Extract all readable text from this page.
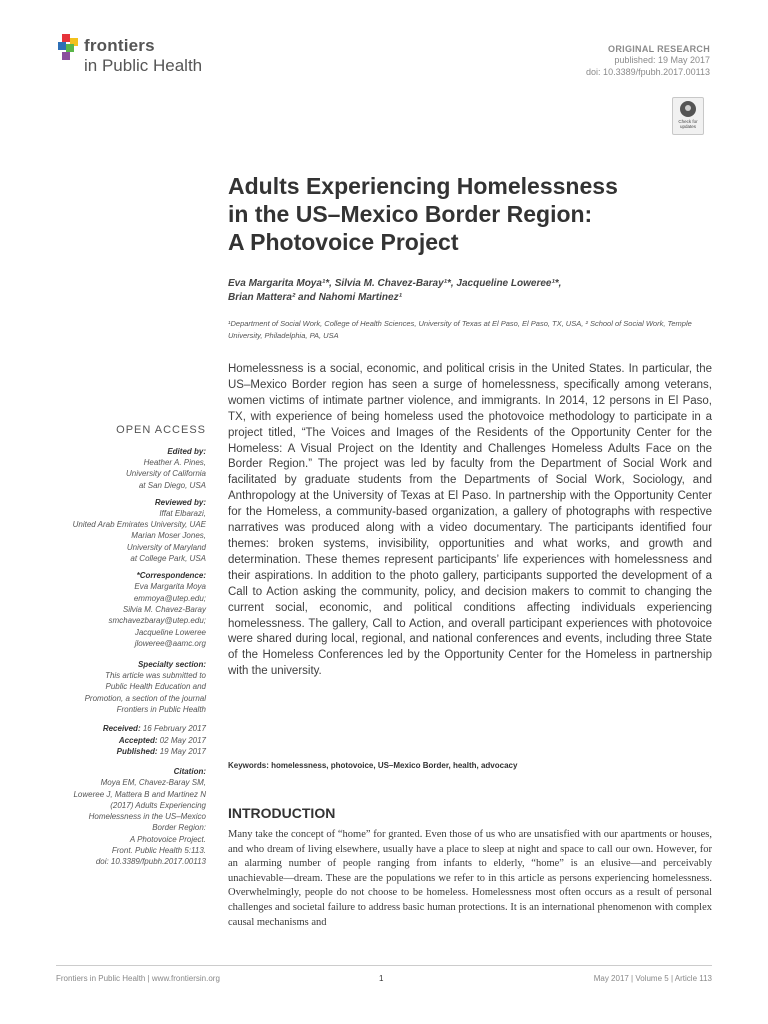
frontiers
in Public Health
ORIGINAL RESEARCH
published: 19 May 2017
doi: 10.3389/fpubh.2017.00113
Check for updates
Adults Experiencing Homelessness
in the US–Mexico Border Region:
A Photovoice Project
Eva Margarita Moya¹*, Silvia M. Chavez-Baray¹*, Jacqueline Loweree¹*,
Brian Mattera² and Nahomi Martinez¹
¹Department of Social Work, College of Health Sciences, University of Texas at El Paso, El Paso, TX, USA, ² School of Social Work, Temple University, Philadelphia, PA, USA
Homelessness is a social, economic, and political crisis in the United States. In particular, the US–Mexico Border region has seen a surge of homelessness, specifically among veterans, women victims of intimate partner violence, and immigrants. In 2014, 12 persons in El Paso, TX, with experience of being homeless used the photovoice methodology to participate in a project titled, “The Voices and Images of the Residents of the Opportunity Center for the Homeless: A Visual Project on the Identity and Challenges Homeless Adults Face on the Border Region.” The project was led by faculty from the Department of Social Work and facilitated by graduate students from the Departments of Social Work, Sociology, and Anthropology at the University of Texas at El Paso. In partnership with the Opportunity Center for the Homeless, a community-based organization, a gallery of photographs with respective narratives was produced along with a video documentary. The participants identified four themes: broken systems, invisibility, opportunities and what works, and growth and determination. These themes represent participants’ life experiences with homelessness and their aspirations. In addition to the photo gallery, participants supported the development of a Call to Action asking the community, policy, and decision makers to commit to changing the current social, economic, and political conditions affecting individuals experiencing homelessness. The gallery, Call to Action, and overall participant experiences with photovoice were shared during local, regional, and national conferences and events, including three State of the Homeless Conferences led by the Opportunity Center for the Homeless in partnership with the university.
Keywords: homelessness, photovoice, US–Mexico Border, health, advocacy
INTRODUCTION
Many take the concept of “home” for granted. Even those of us who are unsatisfied with our apartments or houses, and who dream of living elsewhere, usually have a place to sleep at night and space to call our own. However, for an alarming number of people ranging from infants to elderly, “home” is an elusive—and perceivably unachievable—dream. These are the populations we refer to in this article as persons experiencing homelessness. Overwhelmingly, people do not choose to be homeless. Homelessness most often occurs as a result of personal challenges and societal failure to address basic human protections. It is an international phenomenon with complex causal mechanisms and
OPEN ACCESS
Edited by:
Heather A. Pines,
University of California
at San Diego, USA
Reviewed by:
Iffat Elbarazi,
United Arab Emirates University, UAE
Marian Moser Jones,
University of Maryland
at College Park, USA
*Correspondence:
Eva Margarita Moya
emmoya@utep.edu;
Silvia M. Chavez-Baray
smchavezbaray@utep.edu;
Jacqueline Loweree
jloweree@aamc.org
Specialty section:
This article was submitted to
Public Health Education and
Promotion, a section of the journal
Frontiers in Public Health
Received: 16 February 2017
Accepted: 02 May 2017
Published: 19 May 2017
Citation:
Moya EM, Chavez-Baray SM,
Loweree J, Mattera B and Martinez N
(2017) Adults Experiencing
Homelessness in the US–Mexico
Border Region:
A Photovoice Project.
Front. Public Health 5:113.
doi: 10.3389/fpubh.2017.00113
Frontiers in Public Health | www.frontiersin.org	1	May 2017 | Volume 5 | Article 113
